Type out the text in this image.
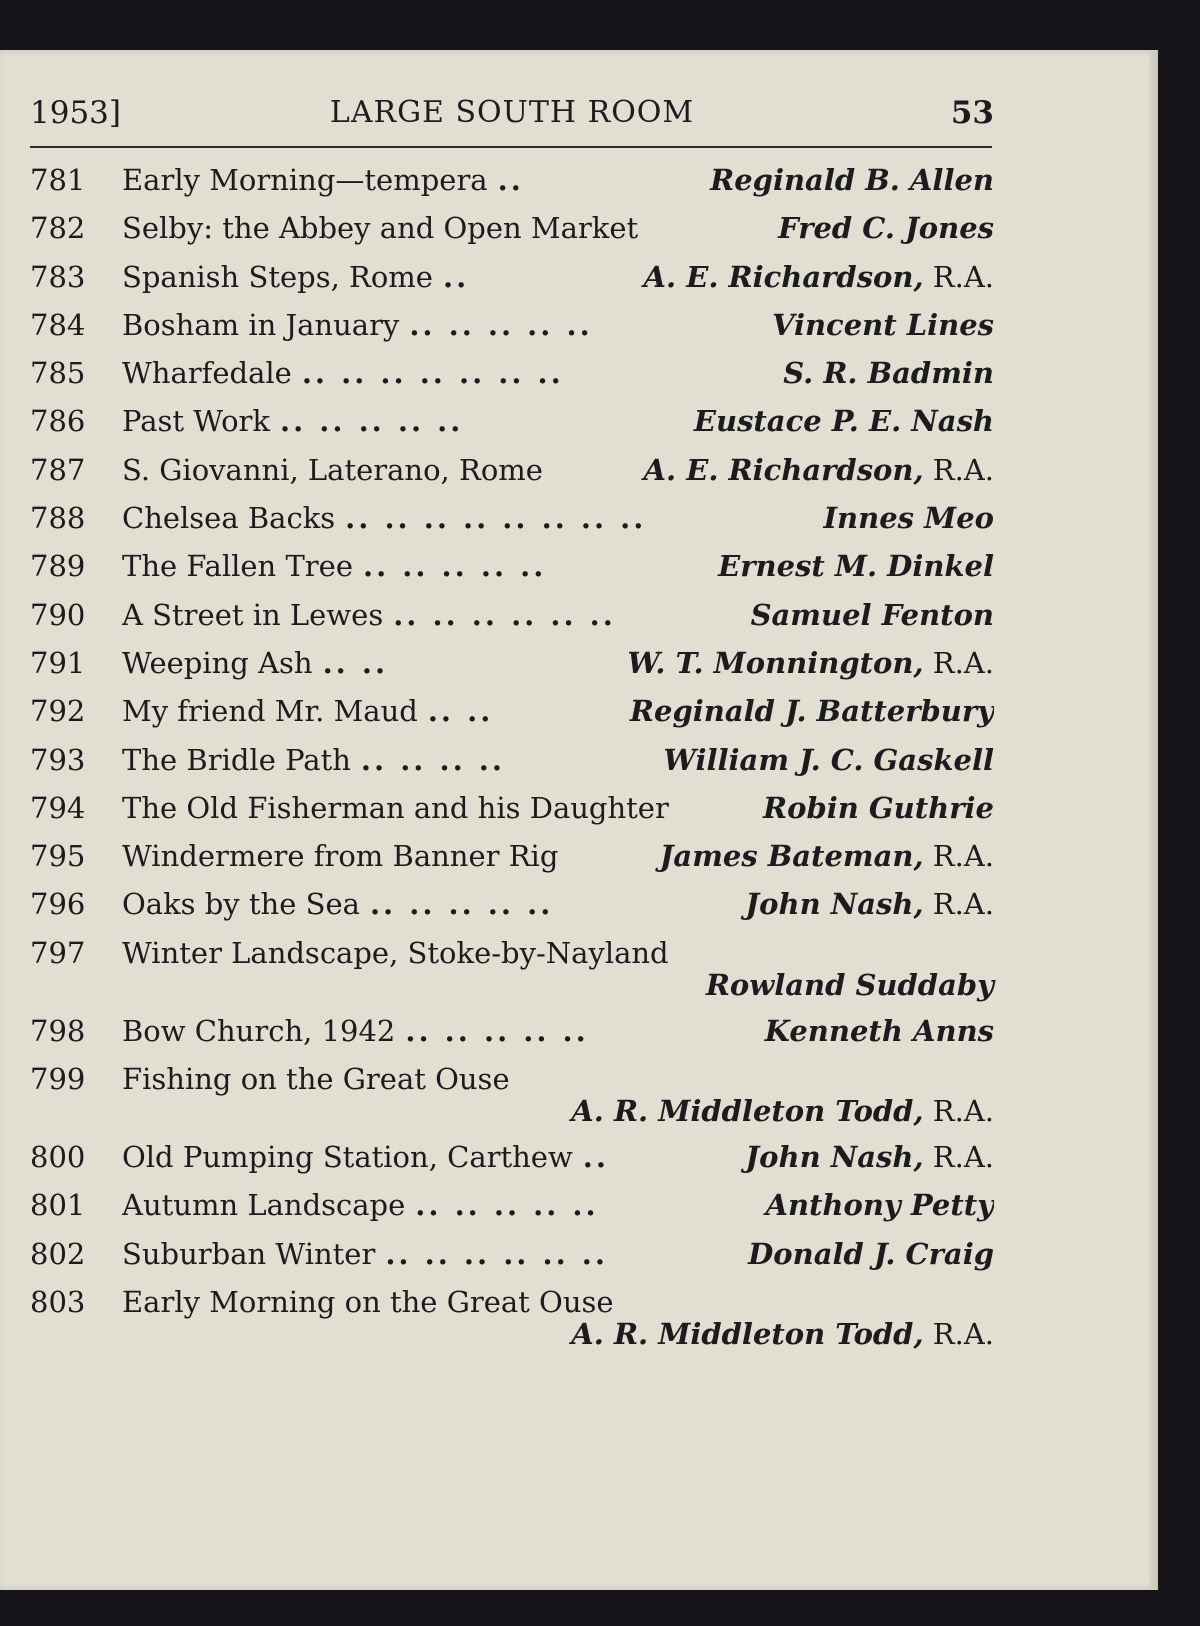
1953]	LARGE SOUTH ROOM	53
781	Early Morning—tempera ..	Reginald B. Allen
782	Selby: the Abbey and Open Market	Fred C. Jones
783	Spanish Steps, Rome ..	A. E. Richardson, R.A.
784	Bosham in January .. .. .. .. ..	Vincent Lines
785	Wharfedale .. .. .. .. .. .. ..	S. R. Badmin
786	Past Work .. .. .. .. ..	Eustace P. E. Nash
787	S. Giovanni, Laterano, Rome	A. E. Richardson, R.A.
788	Chelsea Backs .. .. .. .. .. .. .. ..	Innes Meo
789	The Fallen Tree .. .. .. .. ..	Ernest M. Dinkel
790	A Street in Lewes .. .. .. .. .. ..	Samuel Fenton
791	Weeping Ash .. ..	W. T. Monnington, R.A.
792	My friend Mr. Maud .. ..	Reginald J. Batterbury
793	The Bridle Path .. .. .. ..	William J. C. Gaskell
794	The Old Fisherman and his Daughter	Robin Guthrie
795	Windermere from Banner Rig	James Bateman, R.A.
796	Oaks by the Sea .. .. .. .. ..	John Nash, R.A.
797	Winter Landscape, Stoke-by-Nayland
Rowland Suddaby
798	Bow Church, 1942 .. .. .. .. ..	Kenneth Anns
799	Fishing on the Great Ouse
A. R. Middleton Todd, R.A.
800	Old Pumping Station, Carthew ..	John Nash, R.A.
801	Autumn Landscape .. .. .. .. ..	Anthony Petty
802	Suburban Winter .. .. .. .. .. ..	Donald J. Craig
803	Early Morning on the Great Ouse
A. R. Middleton Todd, R.A.
